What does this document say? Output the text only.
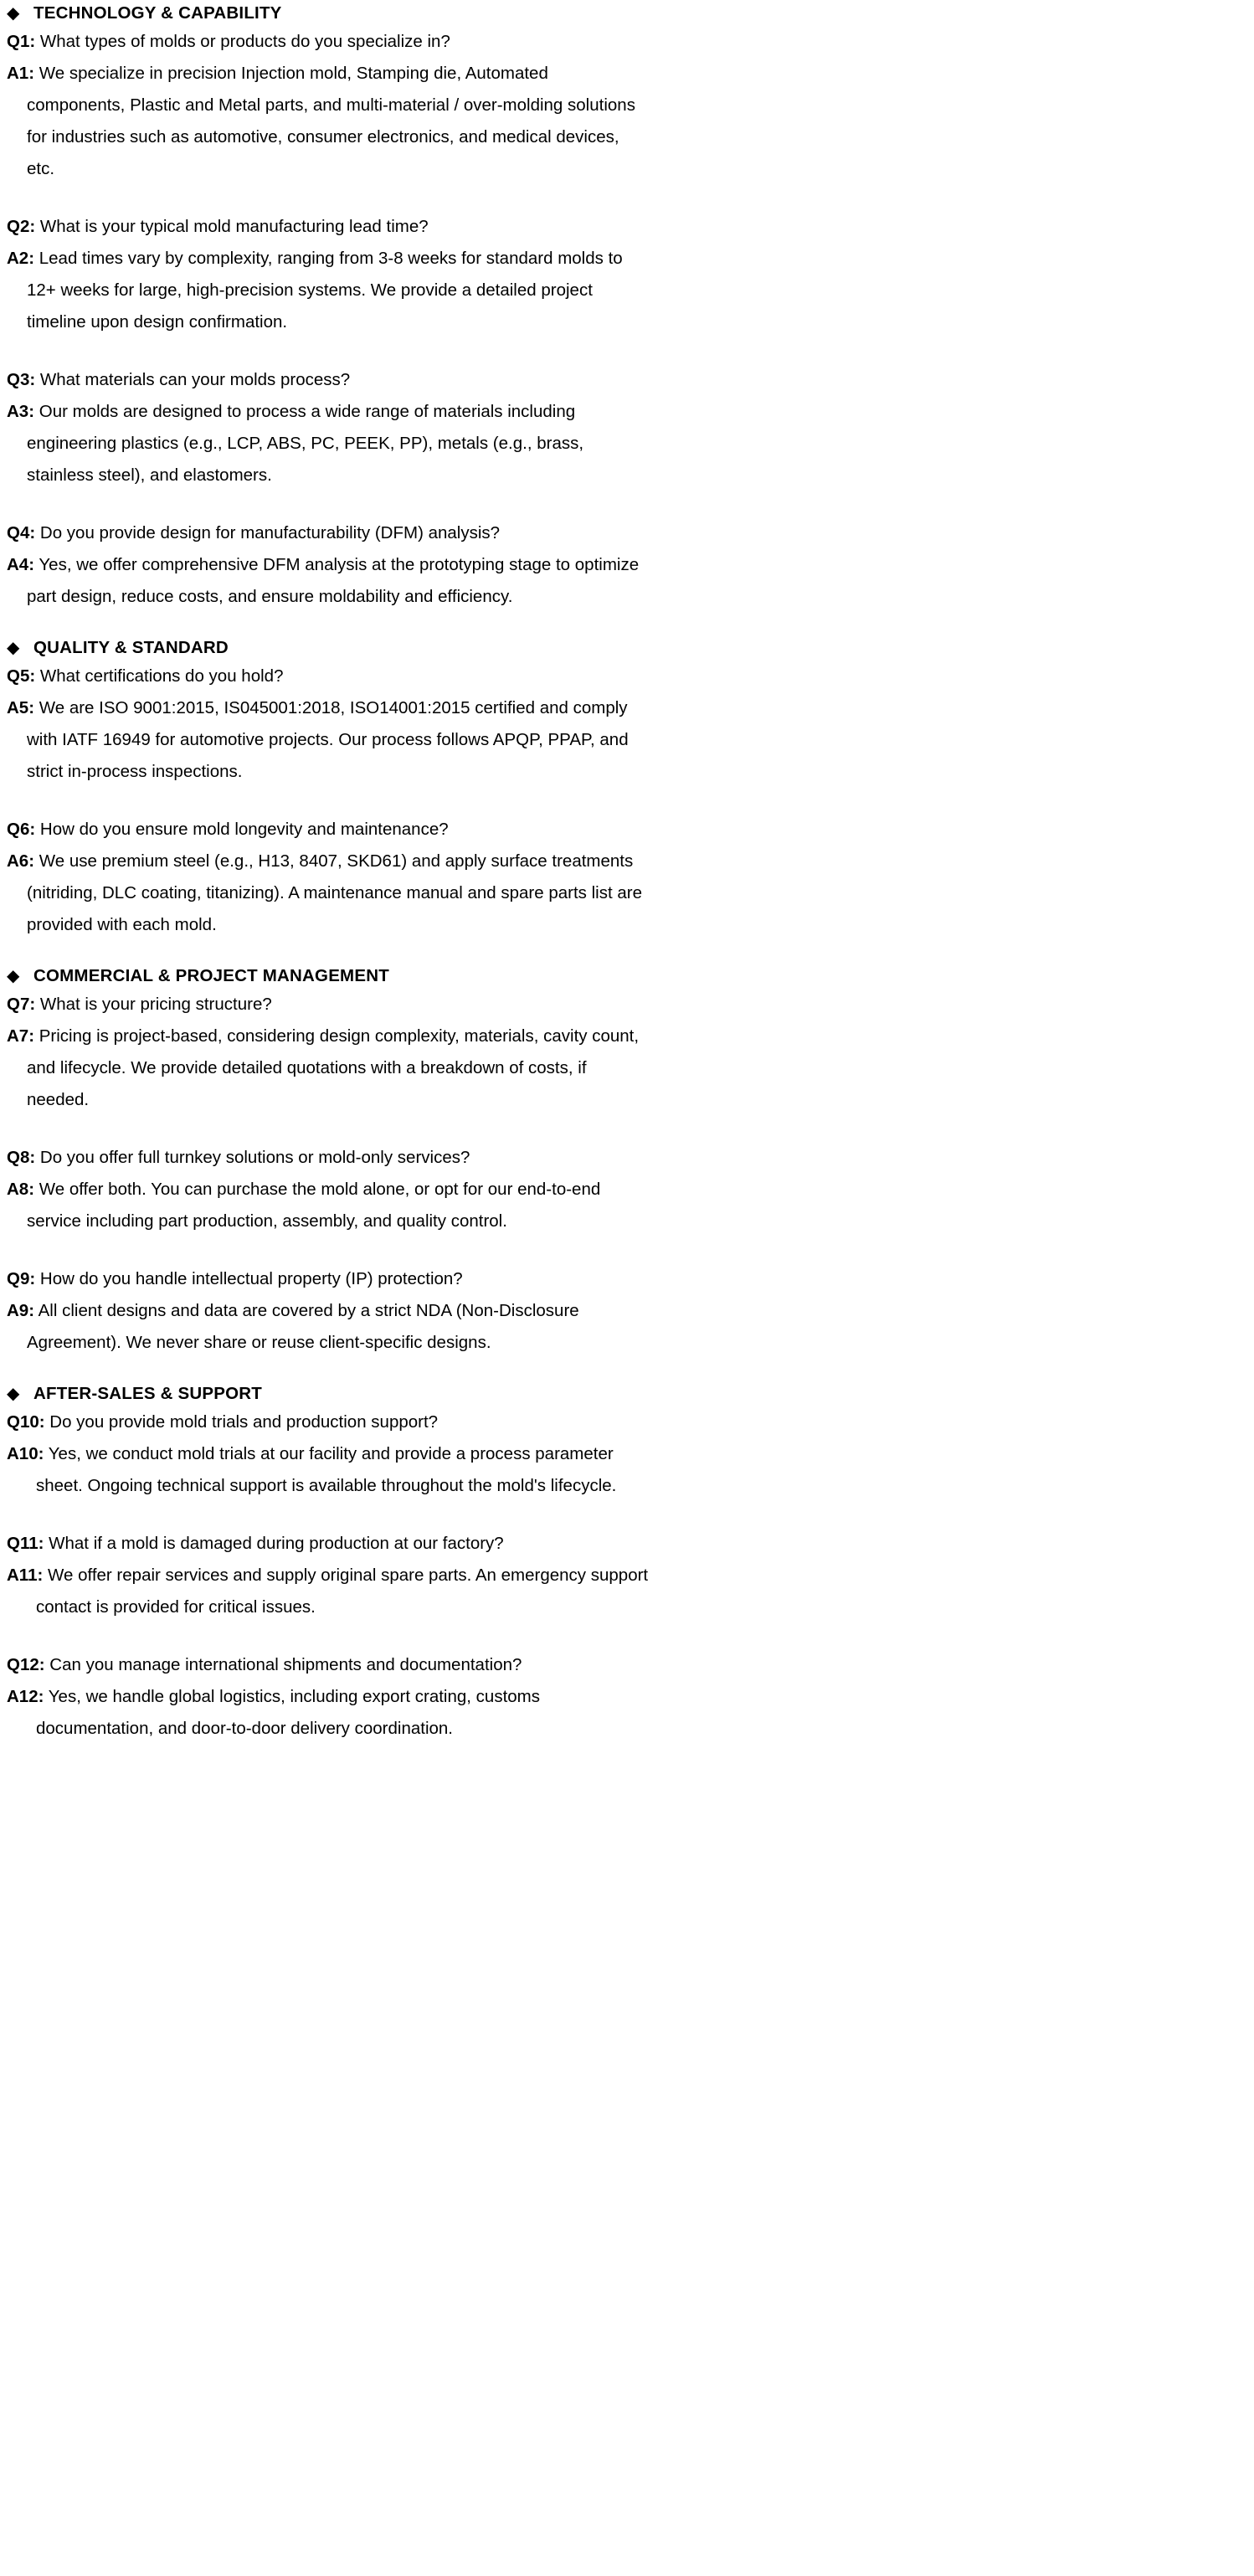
◆ TECHNOLOGY & CAPABILITY

Q1: What types of molds or products do you specialize in?

A1: We specialize in precision Injection mold, Stamping die, Automated components, Plastic and Metal parts, and multi-material / over-molding solutions for industries such as automotive, consumer electronics, and medical devices, etc.

Q2: What is your typical mold manufacturing lead time?

A2: Lead times vary by complexity, ranging from 3-8 weeks for standard molds to 12+ weeks for large, high-precision systems. We provide a detailed project timeline upon design confirmation.

Q3: What materials can your molds process?

A3: Our molds are designed to process a wide range of materials including engineering plastics (e.g., LCP, ABS, PC, PEEK, PP), metals (e.g., brass, stainless steel), and elastomers.

Q4: Do you provide design for manufacturability (DFM) analysis?

A4: Yes, we offer comprehensive DFM analysis at the prototyping stage to optimize part design, reduce costs, and ensure moldability and efficiency.

◆ QUALITY & STANDARD

Q5: What certifications do you hold?

A5: We are ISO 9001:2015, IS045001:2018, ISO14001:2015 certified and comply with IATF 16949 for automotive projects. Our process follows APQP, PPAP, and strict in-process inspections.

Q6: How do you ensure mold longevity and maintenance?

A6: We use premium steel (e.g., H13, 8407, SKD61) and apply surface treatments (nitriding, DLC coating, titanizing). A maintenance manual and spare parts list are provided with each mold.

◆ COMMERCIAL & PROJECT MANAGEMENT

Q7: What is your pricing structure?

A7: Pricing is project-based, considering design complexity, materials, cavity count, and lifecycle. We provide detailed quotations with a breakdown of costs, if needed.

Q8: Do you offer full turnkey solutions or mold-only services?

A8: We offer both. You can purchase the mold alone, or opt for our end-to-end service including part production, assembly, and quality control.

Q9: How do you handle intellectual property (IP) protection?

A9: All client designs and data are covered by a strict NDA (Non-Disclosure Agreement). We never share or reuse client-specific designs.

◆ AFTER-SALES & SUPPORT

Q10: Do you provide mold trials and production support?

A10: Yes, we conduct mold trials at our facility and provide a process parameter sheet. Ongoing technical support is available throughout the mold's lifecycle.

Q11: What if a mold is damaged during production at our factory?

A11: We offer repair services and supply original spare parts. An emergency support contact is provided for critical issues.

Q12: Can you manage international shipments and documentation?

A12: Yes, we handle global logistics, including export crating, customs documentation, and door-to-door delivery coordination.
